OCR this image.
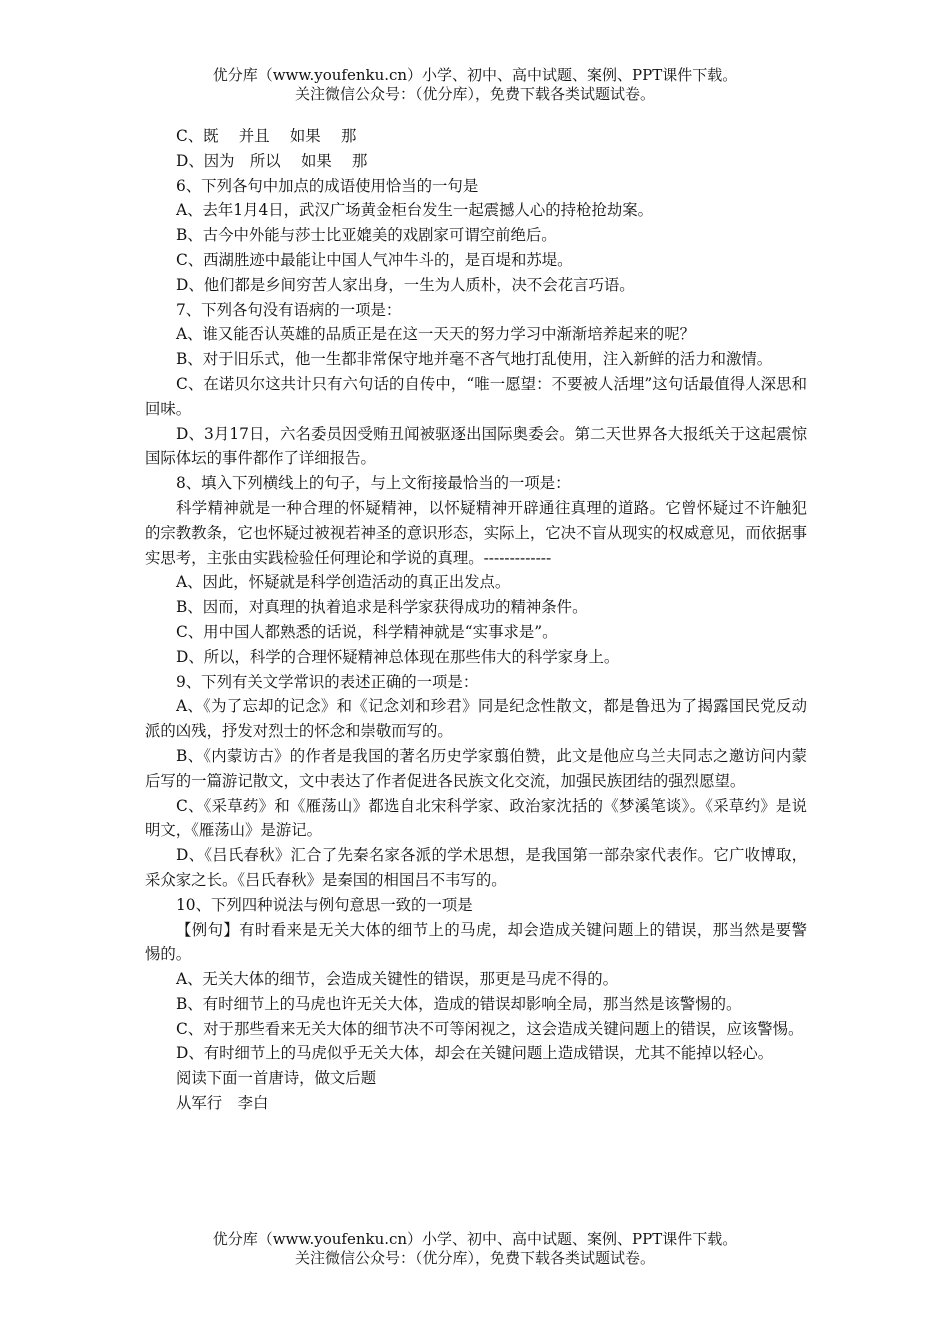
优分库（www.youfenku.cn）小学、初中、高中试题、案例、PPT课件下载。
关注微信公众号：（优分库），免费下载各类试题试卷。

C、既　 并且　 如果　 那

D、因为　所以　 如果　 那

6、下列各句中加点的成语使用恰当的一句是

A、去年1月4日，武汉广场黄金柜台发生一起震撼人心的持枪抢劫案。

B、古今中外能与莎士比亚媲美的戏剧家可谓空前绝后。

C、西湖胜迹中最能让中国人气冲牛斗的，是百堤和苏堤。

D、他们都是乡间穷苦人家出身，一生为人质朴，决不会花言巧语。

7、下列各句没有语病的一项是：

A、谁又能否认英雄的品质正是在这一天天的努力学习中渐渐培养起来的呢？

B、对于旧乐式，他一生都非常保守地并毫不吝气地打乱使用，注入新鲜的活力和激情。

C、在诺贝尔这共计只有六句话的自传中，“唯一愿望：不要被人活埋”这句话最值得人深思和回味。

D、3月17日，六名委员因受贿丑闻被驱逐出国际奥委会。第二天世界各大报纸关于这起震惊国际体坛的事件都作了详细报告。

8、填入下列横线上的句子，与上文衔接最恰当的一项是：

科学精神就是一种合理的怀疑精神，以怀疑精神开辟通往真理的道路。它曾怀疑过不许触犯的宗教教条，它也怀疑过被视若神圣的意识形态，实际上，它决不盲从现实的权威意见，而依据事实思考，主张由实践检验任何理论和学说的真理。-------------

A、因此，怀疑就是科学创造活动的真正出发点。

B、因而，对真理的执着追求是科学家获得成功的精神条件。

C、用中国人都熟悉的话说，科学精神就是“实事求是”。

D、所以，科学的合理怀疑精神总体现在那些伟大的科学家身上。

9、下列有关文学常识的表述正确的一项是：

A、《为了忘却的记念》和《记念刘和珍君》同是纪念性散文，都是鲁迅为了揭露国民党反动派的凶残，抒发对烈士的怀念和崇敬而写的。

B、《内蒙访古》的作者是我国的著名历史学家翦伯赞，此文是他应乌兰夫同志之邀访问内蒙后写的一篇游记散文，文中表达了作者促进各民族文化交流，加强民族团结的强烈愿望。

C、《采草药》和《雁荡山》都选自北宋科学家、政治家沈括的《梦溪笔谈》。《采草约》是说明文，《雁荡山》是游记。

D、《吕氏春秋》汇合了先秦名家各派的学术思想，是我国第一部杂家代表作。它广收博取，采众家之长。《吕氏春秋》是秦国的相国吕不韦写的。

10、下列四种说法与例句意思一致的一项是

【例句】有时看来是无关大体的细节上的马虎，却会造成关键问题上的错误，那当然是要警惕的。

A、无关大体的细节，会造成关键性的错误，那更是马虎不得的。

B、有时细节上的马虎也许无关大体，造成的错误却影响全局，那当然是该警惕的。

C、对于那些看来无关大体的细节决不可等闲视之，这会造成关键问题上的错误，应该警惕。

D、有时细节上的马虎似乎无关大体，却会在关键问题上造成错误，尤其不能掉以轻心。

阅读下面一首唐诗，做文后题

从军行　李白

优分库（www.youfenku.cn）小学、初中、高中试题、案例、PPT课件下载。
关注微信公众号：（优分库），免费下载各类试题试卷。
